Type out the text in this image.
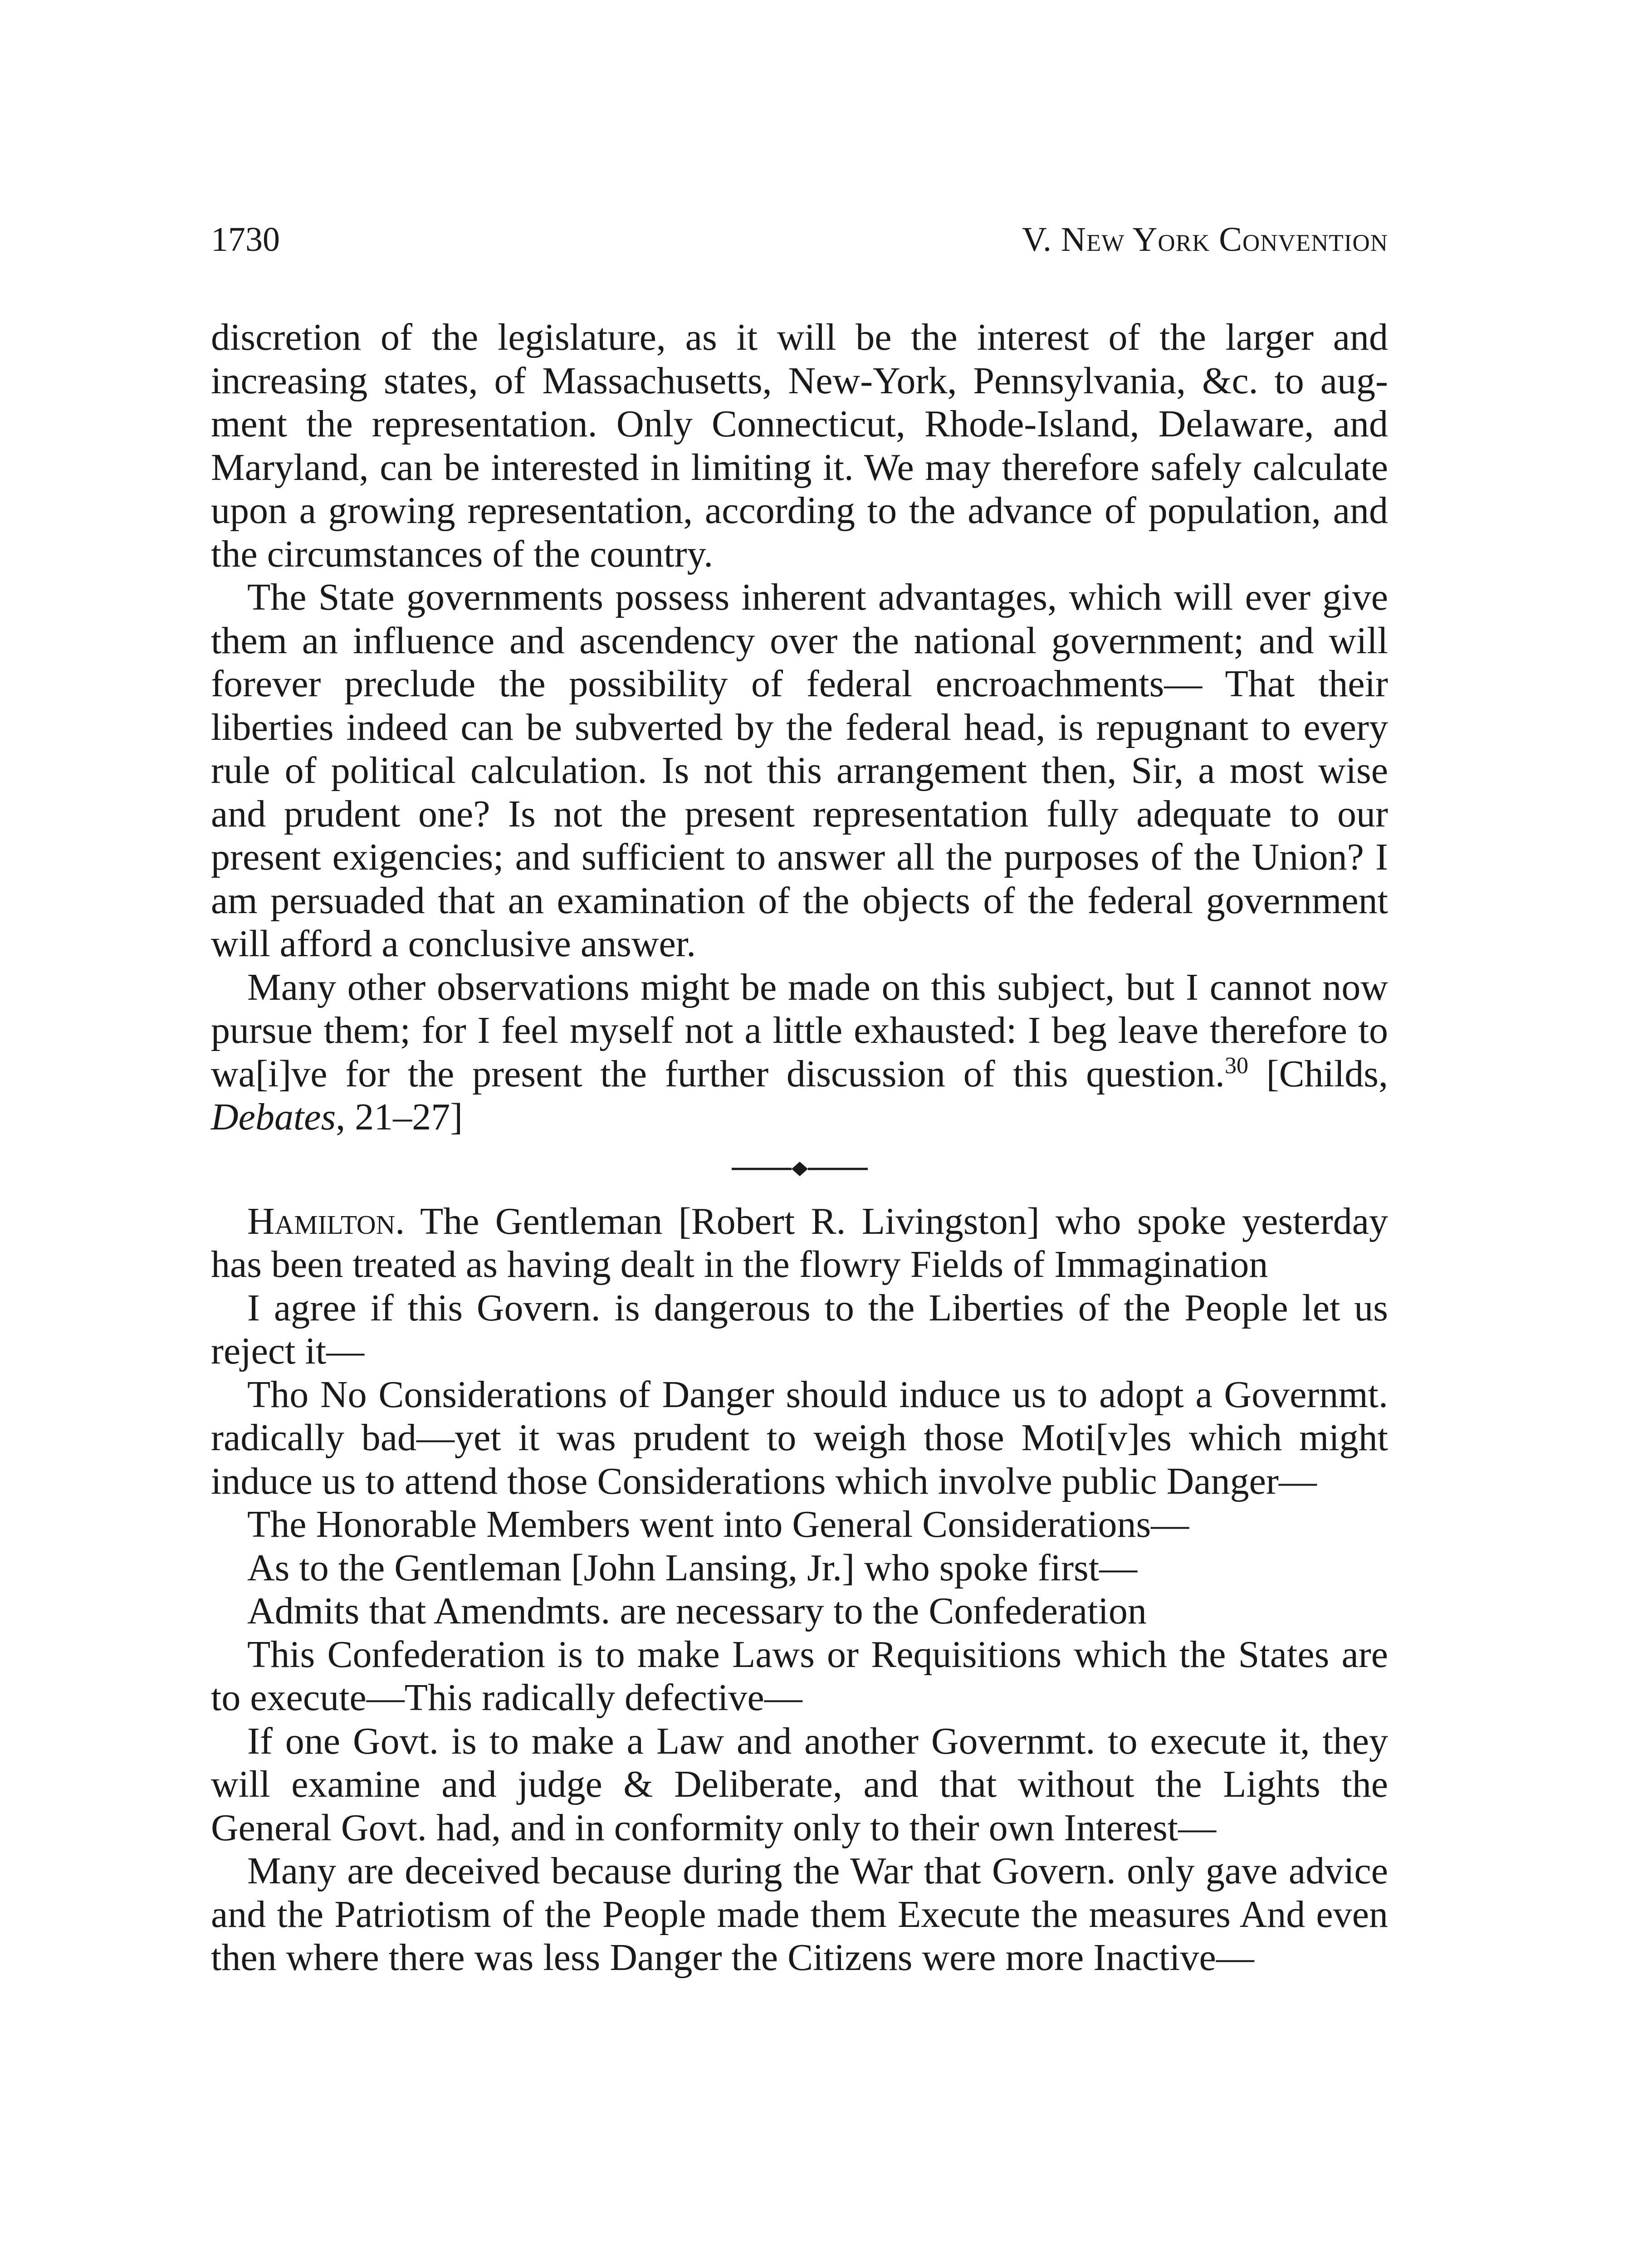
1730	V. New York Convention

discretion of the legislature, as it will be the interest of the larger and increasing states, of Massachusetts, New-York, Pennsylvania, &c. to augment the representation. Only Connecticut, Rhode-Island, Delaware, and Maryland, can be interested in limiting it. We may therefore safely calculate upon a growing representation, according to the advance of population, and the circumstances of the country.

The State governments possess inherent advantages, which will ever give them an influence and ascendency over the national government; and will forever preclude the possibility of federal encroachments— That their liberties indeed can be subverted by the federal head, is repugnant to every rule of political calculation. Is not this arrangement then, Sir, a most wise and prudent one? Is not the present representation fully adequate to our present exigencies; and sufficient to answer all the purposes of the Union? I am persuaded that an examination of the objects of the federal government will afford a conclusive answer.

Many other observations might be made on this subject, but I cannot now pursue them; for I feel myself not a little exhausted: I beg leave therefore to wa[i]ve for the present the further discussion of this question.$^{30}$ [Childs, Debates, 21–27]

Hamilton. The Gentleman [Robert R. Livingston] who spoke yesterday has been treated as having dealt in the flowry Fields of Immagination

I agree if this Govern. is dangerous to the Liberties of the People let us reject it—

Tho No Considerations of Danger should induce us to adopt a Governmt. radically bad—yet it was prudent to weigh those Moti[v]es which might induce us to attend those Considerations which involve public Danger—

The Honorable Members went into General Considerations—

As to the Gentleman [John Lansing, Jr.] who spoke first—

Admits that Amendmts. are necessary to the Confederation

This Confederation is to make Laws or Requisitions which the States are to execute—This radically defective—

If one Govt. is to make a Law and another Governmt. to execute it, they will examine and judge & Deliberate, and that without the Lights the General Govt. had, and in conformity only to their own Interest—

Many are deceived because during the War that Govern. only gave advice and the Patriotism of the People made them Execute the measures And even then where there was less Danger the Citizens were more Inactive—
